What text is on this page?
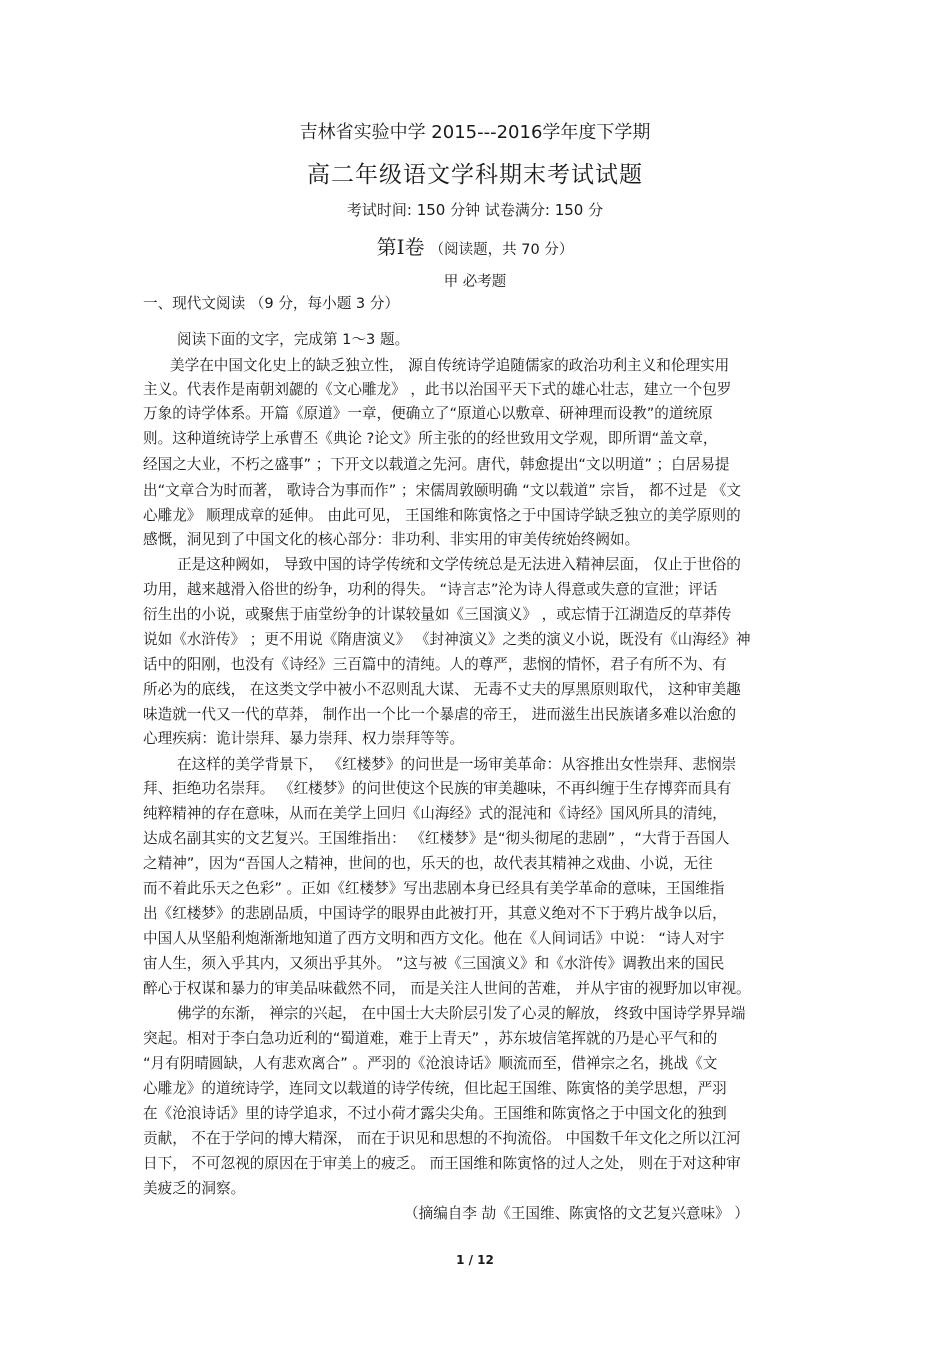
吉林省实验中学 2015---2016学年度下学期
高二年级语文学科期末考试试题
考试时间: 150 分钟 试卷满分: 150 分
第Ⅰ卷 （阅读题，共 70 分）
甲 必考题
一、现代文阅读 （9 分，每小题 3 分）
阅读下面的文字，完成第 1～3 题。
美学在中国文化史上的缺乏独立性， 源自传统诗学追随儒家的政治功利主义和伦理实用
主义。代表作是南朝刘勰的《文心雕龙》 ，此书以治国平天下式的雄心壮志，建立一个包罗
万象的诗学体系。开篇《原道》一章，便确立了“原道心以敷章、研神理而设教”的道统原
则。这种道统诗学上承曹丕《典论 ?论文》所主张的的经世致用文学观，即所谓“盖文章，
经国之大业，不朽之盛事” ；下开文以载道之先河。唐代，韩愈提出“文以明道” ；白居易提
出“文章合为时而著， 歌诗合为事而作” ；宋儒周敦颐明确 “文以载道” 宗旨， 都不过是 《文
心雕龙》 顺理成章的延伸。 由此可见， 王国维和陈寅恪之于中国诗学缺乏独立的美学原则的
感慨，洞见到了中国文化的核心部分：非功利、非实用的审美传统始终阙如。
正是这种阙如， 导致中国的诗学传统和文学传统总是无法进入精神层面， 仅止于世俗的
功用，越来越滑入俗世的纷争，功利的得失。 “诗言志”沦为诗人得意或失意的宣泄；评话
衍生出的小说，或聚焦于庙堂纷争的计谋较量如《三国演义》 ，或忘情于江湖造反的草莽传
说如《水浒传》 ；更不用说《隋唐演义》 《封神演义》之类的演义小说，既没有《山海经》神
话中的阳刚，也没有《诗经》三百篇中的清纯。人的尊严，悲悯的情怀，君子有所不为、有
所必为的底线， 在这类文学中被小不忍则乱大谋、 无毒不丈夫的厚黑原则取代， 这种审美趣
味造就一代又一代的草莽， 制作出一个比一个暴虐的帝王， 进而滋生出民族诸多难以治愈的
心理疾病：诡计崇拜、暴力崇拜、权力崇拜等等。
在这样的美学背景下， 《红楼梦》的问世是一场审美革命：从容推出女性崇拜、悲悯崇
拜、拒绝功名崇拜。 《红楼梦》的问世使这个民族的审美趣味，不再纠缠于生存博弈而具有
纯粹精神的存在意味，从而在美学上回归《山海经》式的混沌和《诗经》国风所具的清纯，
达成名副其实的文艺复兴。王国维指出： 《红楼梦》是“彻头彻尾的悲剧” ，“大背于吾国人
之精神”，因为“吾国人之精神，世间的也，乐天的也，故代表其精神之戏曲、小说，无往
而不着此乐天之色彩” 。正如《红楼梦》写出悲剧本身已经具有美学革命的意味，王国维指
出《红楼梦》的悲剧品质，中国诗学的眼界由此被打开，其意义绝对不下于鸦片战争以后，
中国人从坚船利炮渐渐地知道了西方文明和西方文化。他在《人间词话》中说： “诗人对宇
宙人生，须入乎其内，又须出乎其外。 ”这与被《三国演义》和《水浒传》调教出来的国民
醉心于权谋和暴力的审美品味截然不同， 而是关注人世间的苦难， 并从宇宙的视野加以审视。
佛学的东渐， 禅宗的兴起， 在中国士大夫阶层引发了心灵的解放， 终致中国诗学界异端
突起。相对于李白急功近利的“蜀道难，难于上青天” ，苏东坡信笔挥就的乃是心平气和的
“月有阴晴圆缺，人有悲欢离合” 。严羽的《沧浪诗话》顺流而至，借禅宗之名，挑战《文
心雕龙》的道统诗学，连同文以载道的诗学传统，但比起王国维、陈寅恪的美学思想，严羽
在《沧浪诗话》里的诗学追求，不过小荷才露尖尖角。王国维和陈寅恪之于中国文化的独到
贡献， 不在于学问的博大精深， 而在于识见和思想的不拘流俗。 中国数千年文化之所以江河
日下， 不可忽视的原因在于审美上的疲乏。 而王国维和陈寅恪的过人之处， 则在于对这种审
美疲乏的洞察。
（摘编自李 劼《王国维、陈寅恪的文艺复兴意味》 ）
1 / 12
